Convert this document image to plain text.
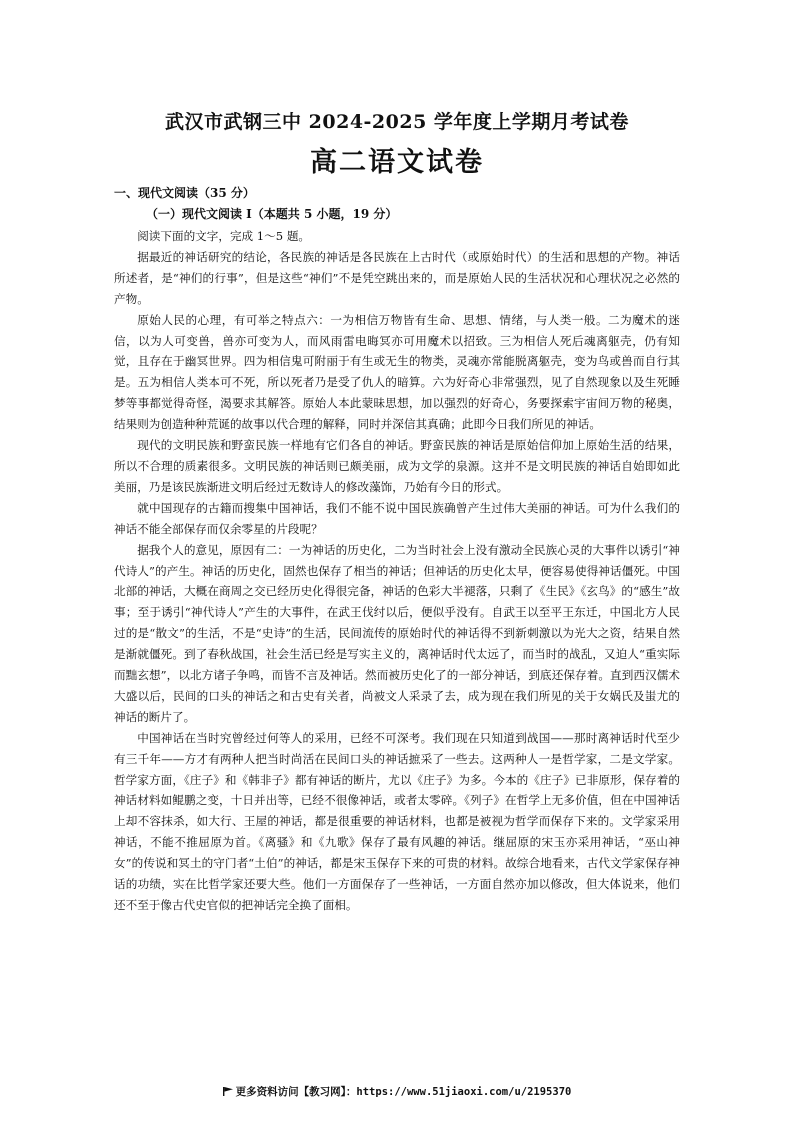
武汉市武钢三中 2024-2025 学年度上学期月考试卷
高二语文试卷
一、现代文阅读（35 分）
（一）现代文阅读 I（本题共 5 小题，19 分）

阅读下面的文字，完成 1～5 题。

据最近的神话研究的结论，各民族的神话是各民族在上古时代（或原始时代）的生活和思想的产物。神话所述者，是“神们的行事”，但是这些“神们”不是凭空跳出来的，而是原始人民的生活状况和心理状况之必然的产物。

原始人民的心理，有可举之特点六：一为相信万物皆有生命、思想、情绪，与人类一般。二为魔术的迷信，以为人可变兽，兽亦可变为人，而风雨雷电晦冥亦可用魔术以招致。三为相信人死后魂离躯壳，仍有知觉，且存在于幽冥世界。四为相信鬼可附丽于有生或无生的物类，灵魂亦常能脱离躯壳，变为鸟或兽而自行其是。五为相信人类本可不死，所以死者乃是受了仇人的暗算。六为好奇心非常强烈，见了自然现象以及生死睡梦等事都觉得奇怪，渴要求其解答。原始人本此蒙昧思想，加以强烈的好奇心，务要探索宇宙间万物的秘奥，结果则为创造种种荒诞的故事以代合理的解释，同时并深信其真确；此即今日我们所见的神话。

现代的文明民族和野蛮民族一样地有它们各自的神话。野蛮民族的神话是原始信仰加上原始生活的结果，所以不合理的质素很多。文明民族的神话则已颇美丽，成为文学的泉源。这并不是文明民族的神话自始即如此美丽，乃是该民族渐进文明后经过无数诗人的修改藻饰，乃始有今日的形式。

就中国现存的古籍而搜集中国神话，我们不能不说中国民族确曾产生过伟大美丽的神话。可为什么我们的神话不能全部保存而仅余零星的片段呢？

据我个人的意见，原因有二：一为神话的历史化，二为当时社会上没有激动全民族心灵的大事件以诱引“神代诗人”的产生。神话的历史化，固然也保存了相当的神话；但神话的历史化太早，便容易使得神话僵死。中国北部的神话，大概在商周之交已经历史化得很完备，神话的色彩大半褪落，只剩了《生民》《玄鸟》的“感生”故事；至于诱引“神代诗人”产生的大事件，在武王伐纣以后，便似乎没有。自武王以至平王东迁，中国北方人民过的是“散文”的生活，不是“史诗”的生活，民间流传的原始时代的神话得不到新刺激以为光大之资，结果自然是渐就僵死。到了春秋战国，社会生活已经是写实主义的，离神话时代太远了，而当时的战乱，又迫人“重实际而黜玄想”，以北方诸子争鸣，而皆不言及神话。然而被历史化了的一部分神话，到底还保存着。直到西汉儒术大盛以后，民间的口头的神话之和古史有关者，尚被文人采录了去，成为现在我们所见的关于女娲氏及蚩尤的神话的断片了。

中国神话在当时究曾经过何等人的采用，已经不可深考。我们现在只知道到战国——那时离神话时代至少有三千年——方才有两种人把当时尚活在民间口头的神话摭采了一些去。这两种人一是哲学家，二是文学家。哲学家方面，《庄子》和《韩非子》都有神话的断片，尤以《庄子》为多。今本的《庄子》已非原形，保存着的神话材料如鲲鹏之变，十日并出等，已经不很像神话，或者太零碎。《列子》在哲学上无多价值，但在中国神话上却不容抹杀，如大行、王屋的神话，都是很重要的神话材料，也都是被视为哲学而保存下来的。文学家采用神话，不能不推屈原为首。《离骚》和《九歌》保存了最有风趣的神话。继屈原的宋玉亦采用神话，“巫山神女”的传说和冥土的守门者“土伯”的神话，都是宋玉保存下来的可贵的材料。故综合地看来，古代文学家保存神话的功绩，实在比哲学家还要大些。他们一方面保存了一些神话，一方面自然亦加以修改，但大体说来，他们还不至于像古代史官似的把神话完全换了面相。

更多资料访问【教习网】：https://www.51jiaoxi.com/u/2195370
